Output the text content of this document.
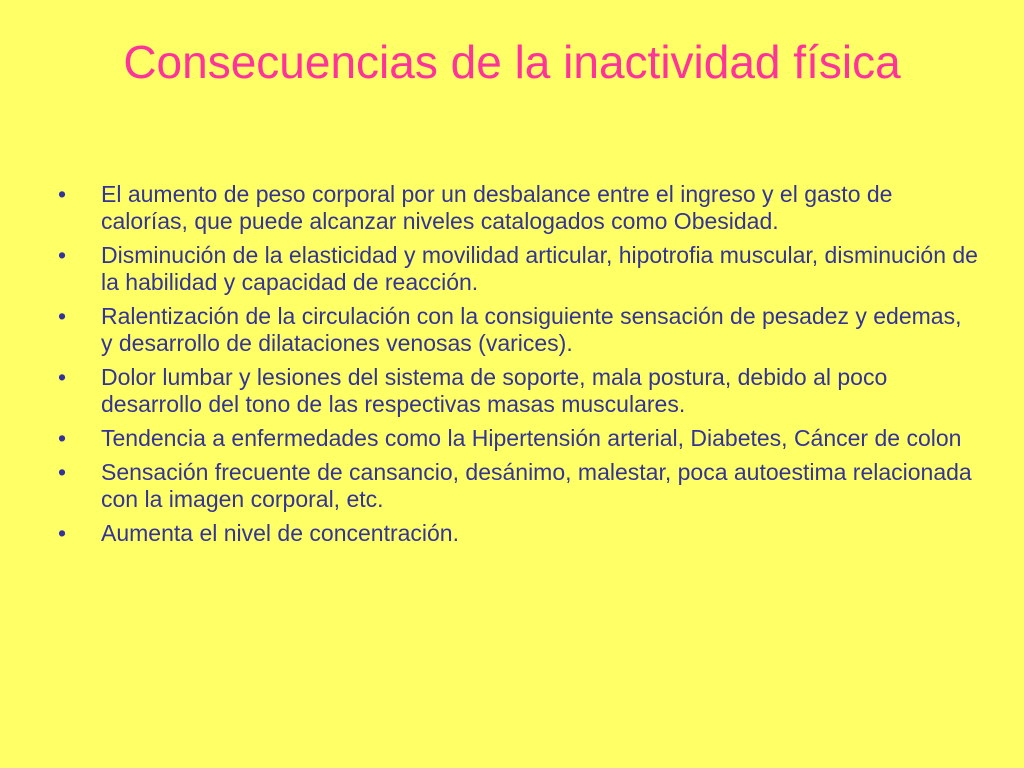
Consecuencias de la inactividad física
• El aumento de peso corporal por un desbalance entre el ingreso y el gasto de calorías, que puede alcanzar niveles catalogados como Obesidad.
• Disminución de la elasticidad y movilidad articular, hipotrofia muscular, disminución de la habilidad y capacidad de reacción.
• Ralentización de la circulación con la consiguiente sensación de pesadez y edemas, y desarrollo de dilataciones venosas (varices).
• Dolor lumbar y lesiones del sistema de soporte, mala postura, debido al poco desarrollo del tono de las respectivas masas musculares.
• Tendencia a enfermedades como la Hipertensión arterial, Diabetes, Cáncer de colon
• Sensación frecuente de cansancio, desánimo, malestar, poca autoestima relacionada con la imagen corporal, etc.
• Aumenta el nivel de concentración.
